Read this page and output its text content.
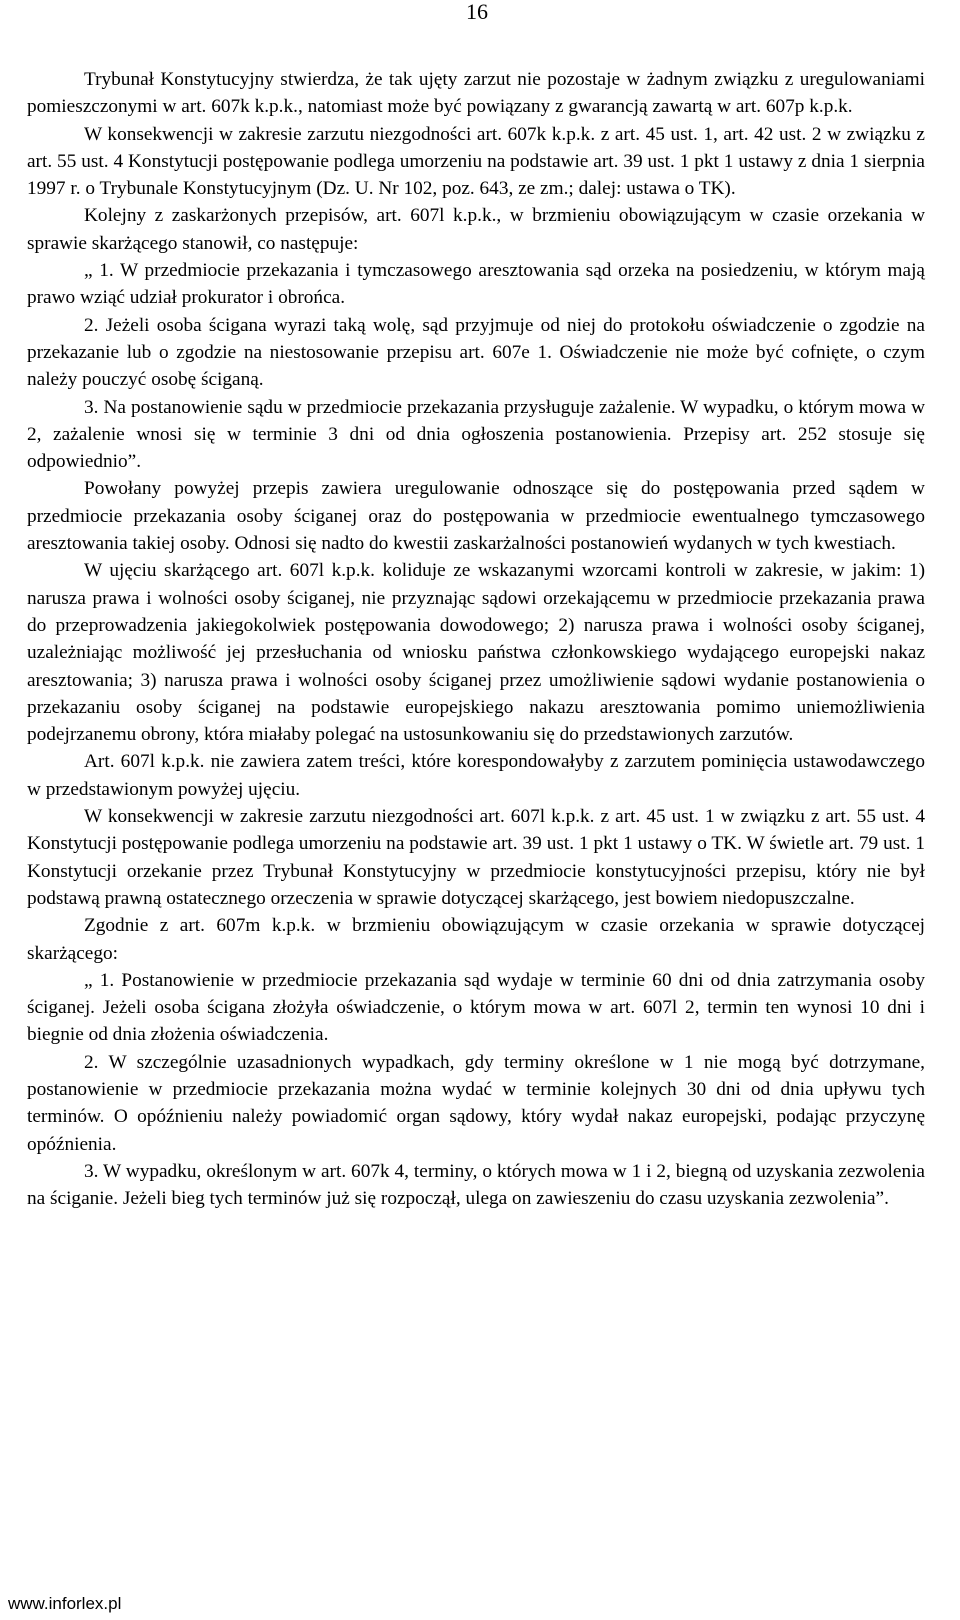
16

Trybunał Konstytucyjny stwierdza, że tak ujęty zarzut nie pozostaje w żadnym związku z uregulowaniami pomieszczonymi w art. 607k k.p.k., natomiast może być powiązany z gwarancją zawartą w art. 607p k.p.k.

W konsekwencji w zakresie zarzutu niezgodności art. 607k k.p.k. z art. 45 ust. 1, art. 42 ust. 2 w związku z art. 55 ust. 4 Konstytucji postępowanie podlega umorzeniu na podstawie art. 39 ust. 1 pkt 1 ustawy z dnia 1 sierpnia 1997 r. o Trybunale Konstytucyjnym (Dz. U. Nr 102, poz. 643, ze zm.; dalej: ustawa o TK).

Kolejny z zaskarżonych przepisów, art. 607l k.p.k., w brzmieniu obowiązującym w czasie orzekania w sprawie skarżącego stanowił, co następuje:

„ 1. W przedmiocie przekazania i tymczasowego aresztowania sąd orzeka na posiedzeniu, w którym mają prawo wziąć udział prokurator i obrońca.

2. Jeżeli osoba ścigana wyrazi taką wolę, sąd przyjmuje od niej do protokołu oświadczenie o zgodzie na przekazanie lub o zgodzie na niestosowanie przepisu art. 607e 1. Oświadczenie nie może być cofnięte, o czym należy pouczyć osobę ściganą.

3. Na postanowienie sądu w przedmiocie przekazania przysługuje zażalenie. W wypadku, o którym mowa w 2, zażalenie wnosi się w terminie 3 dni od dnia ogłoszenia postanowienia. Przepisy art. 252 stosuje się odpowiednio”.

Powołany powyżej przepis zawiera uregulowanie odnoszące się do postępowania przed sądem w przedmiocie przekazania osoby ściganej oraz do postępowania w przedmiocie ewentualnego tymczasowego aresztowania takiej osoby. Odnosi się nadto do kwestii zaskarżalności postanowień wydanych w tych kwestiach.

W ujęciu skarżącego art. 607l k.p.k. koliduje ze wskazanymi wzorcami kontroli w zakresie, w jakim: 1) narusza prawa i wolności osoby ściganej, nie przyznając sądowi orzekającemu w przedmiocie przekazania prawa do przeprowadzenia jakiegokolwiek postępowania dowodowego; 2) narusza prawa i wolności osoby ściganej, uzależniając możliwość jej przesłuchania od wniosku państwa członkowskiego wydającego europejski nakaz aresztowania; 3) narusza prawa i wolności osoby ściganej przez umożliwienie sądowi wydanie postanowienia o przekazaniu osoby ściganej na podstawie europejskiego nakazu aresztowania pomimo uniemożliwienia podejrzanemu obrony, która miałaby polegać na ustosunkowaniu się do przedstawionych zarzutów.

Art. 607l k.p.k. nie zawiera zatem treści, które korespondowałyby z zarzutem pominięcia ustawodawczego w przedstawionym powyżej ujęciu.

W konsekwencji w zakresie zarzutu niezgodności art. 607l k.p.k. z art. 45 ust. 1 w związku z art. 55 ust. 4 Konstytucji postępowanie podlega umorzeniu na podstawie art. 39 ust. 1 pkt 1 ustawy o TK. W świetle art. 79 ust. 1 Konstytucji orzekanie przez Trybunał Konstytucyjny w przedmiocie konstytucyjności przepisu, który nie był podstawą prawną ostatecznego orzeczenia w sprawie dotyczącej skarżącego, jest bowiem niedopuszczalne.

Zgodnie z art. 607m k.p.k. w brzmieniu obowiązującym w czasie orzekania w sprawie dotyczącej skarżącego:

„ 1. Postanowienie w przedmiocie przekazania sąd wydaje w terminie 60 dni od dnia zatrzymania osoby ściganej. Jeżeli osoba ścigana złożyła oświadczenie, o którym mowa w art. 607l 2, termin ten wynosi 10 dni i biegnie od dnia złożenia oświadczenia.

2. W szczególnie uzasadnionych wypadkach, gdy terminy określone w 1 nie mogą być dotrzymane, postanowienie w przedmiocie przekazania można wydać w terminie kolejnych 30 dni od dnia upływu tych terminów. O opóźnieniu należy powiadomić organ sądowy, który wydał nakaz europejski, podając przyczynę opóźnienia.

3. W wypadku, określonym w art. 607k 4, terminy, o których mowa w 1 i 2, biegną od uzyskania zezwolenia na ściganie. Jeżeli bieg tych terminów już się rozpoczął, ulega on zawieszeniu do czasu uzyskania zezwolenia”.

www.inforlex.pl
